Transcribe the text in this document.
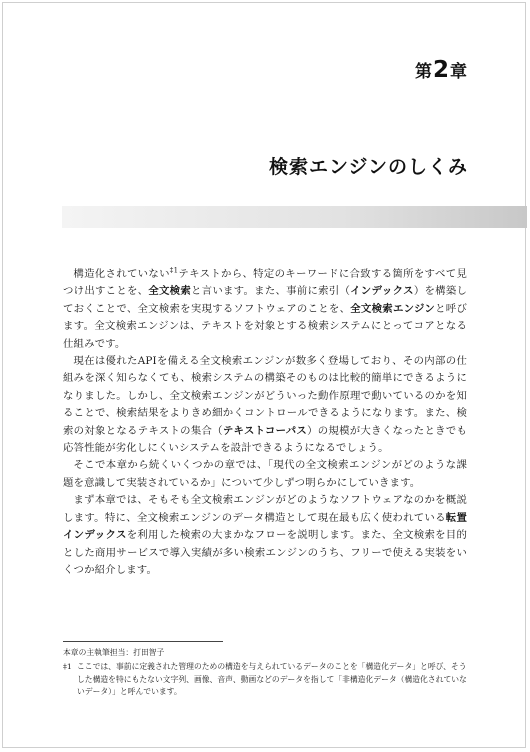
第2章
検索エンジンのしくみ

構造化されていない$^{\ddagger 1}$テキストから、特定のキーワードに合致する箇所をすべて見つけ出すことを、全文検索と言います。また、事前に索引（インデックス）を構築しておくことで、全文検索を実現するソフトウェアのことを、全文検索エンジンと呼びます。全文検索エンジンは、テキストを対象とする検索システムにとってコアとなる仕組みです。

現在は優れたAPIを備える全文検索エンジンが数多く登場しており、その内部の仕組みを深く知らなくても、検索システムの構築そのものは比較的簡単にできるようになりました。しかし、全文検索エンジンがどういった動作原理で動いているのかを知ることで、検索結果をよりきめ細かくコントロールできるようになります。また、検索の対象となるテキストの集合（テキストコーパス）の規模が大きくなったときでも応答性能が劣化しにくいシステムを設計できるようになるでしょう。

そこで本章から続くいくつかの章では、「現代の全文検索エンジンがどのような課題を意識して実装されているか」について少しずつ明らかにしていきます。

まず本章では、そもそも全文検索エンジンがどのようなソフトウェアなのかを概説します。特に、全文検索エンジンのデータ構造として現在最も広く使われている転置インデックスを利用した検索の大まかなフローを説明します。また、全文検索を目的とした商用サービスで導入実績が多い検索エンジンのうち、フリーで使える実装をいくつか紹介します。

本章の主執筆担当：打田智子

‡1 ここでは、事前に定義された管理のための構造を与えられているデータのことを「構造化データ」と呼び、そうした構造を特にもたない文字列、画像、音声、動画などのデータを指して「非構造化データ（構造化されていないデータ）」と呼んでいます。
